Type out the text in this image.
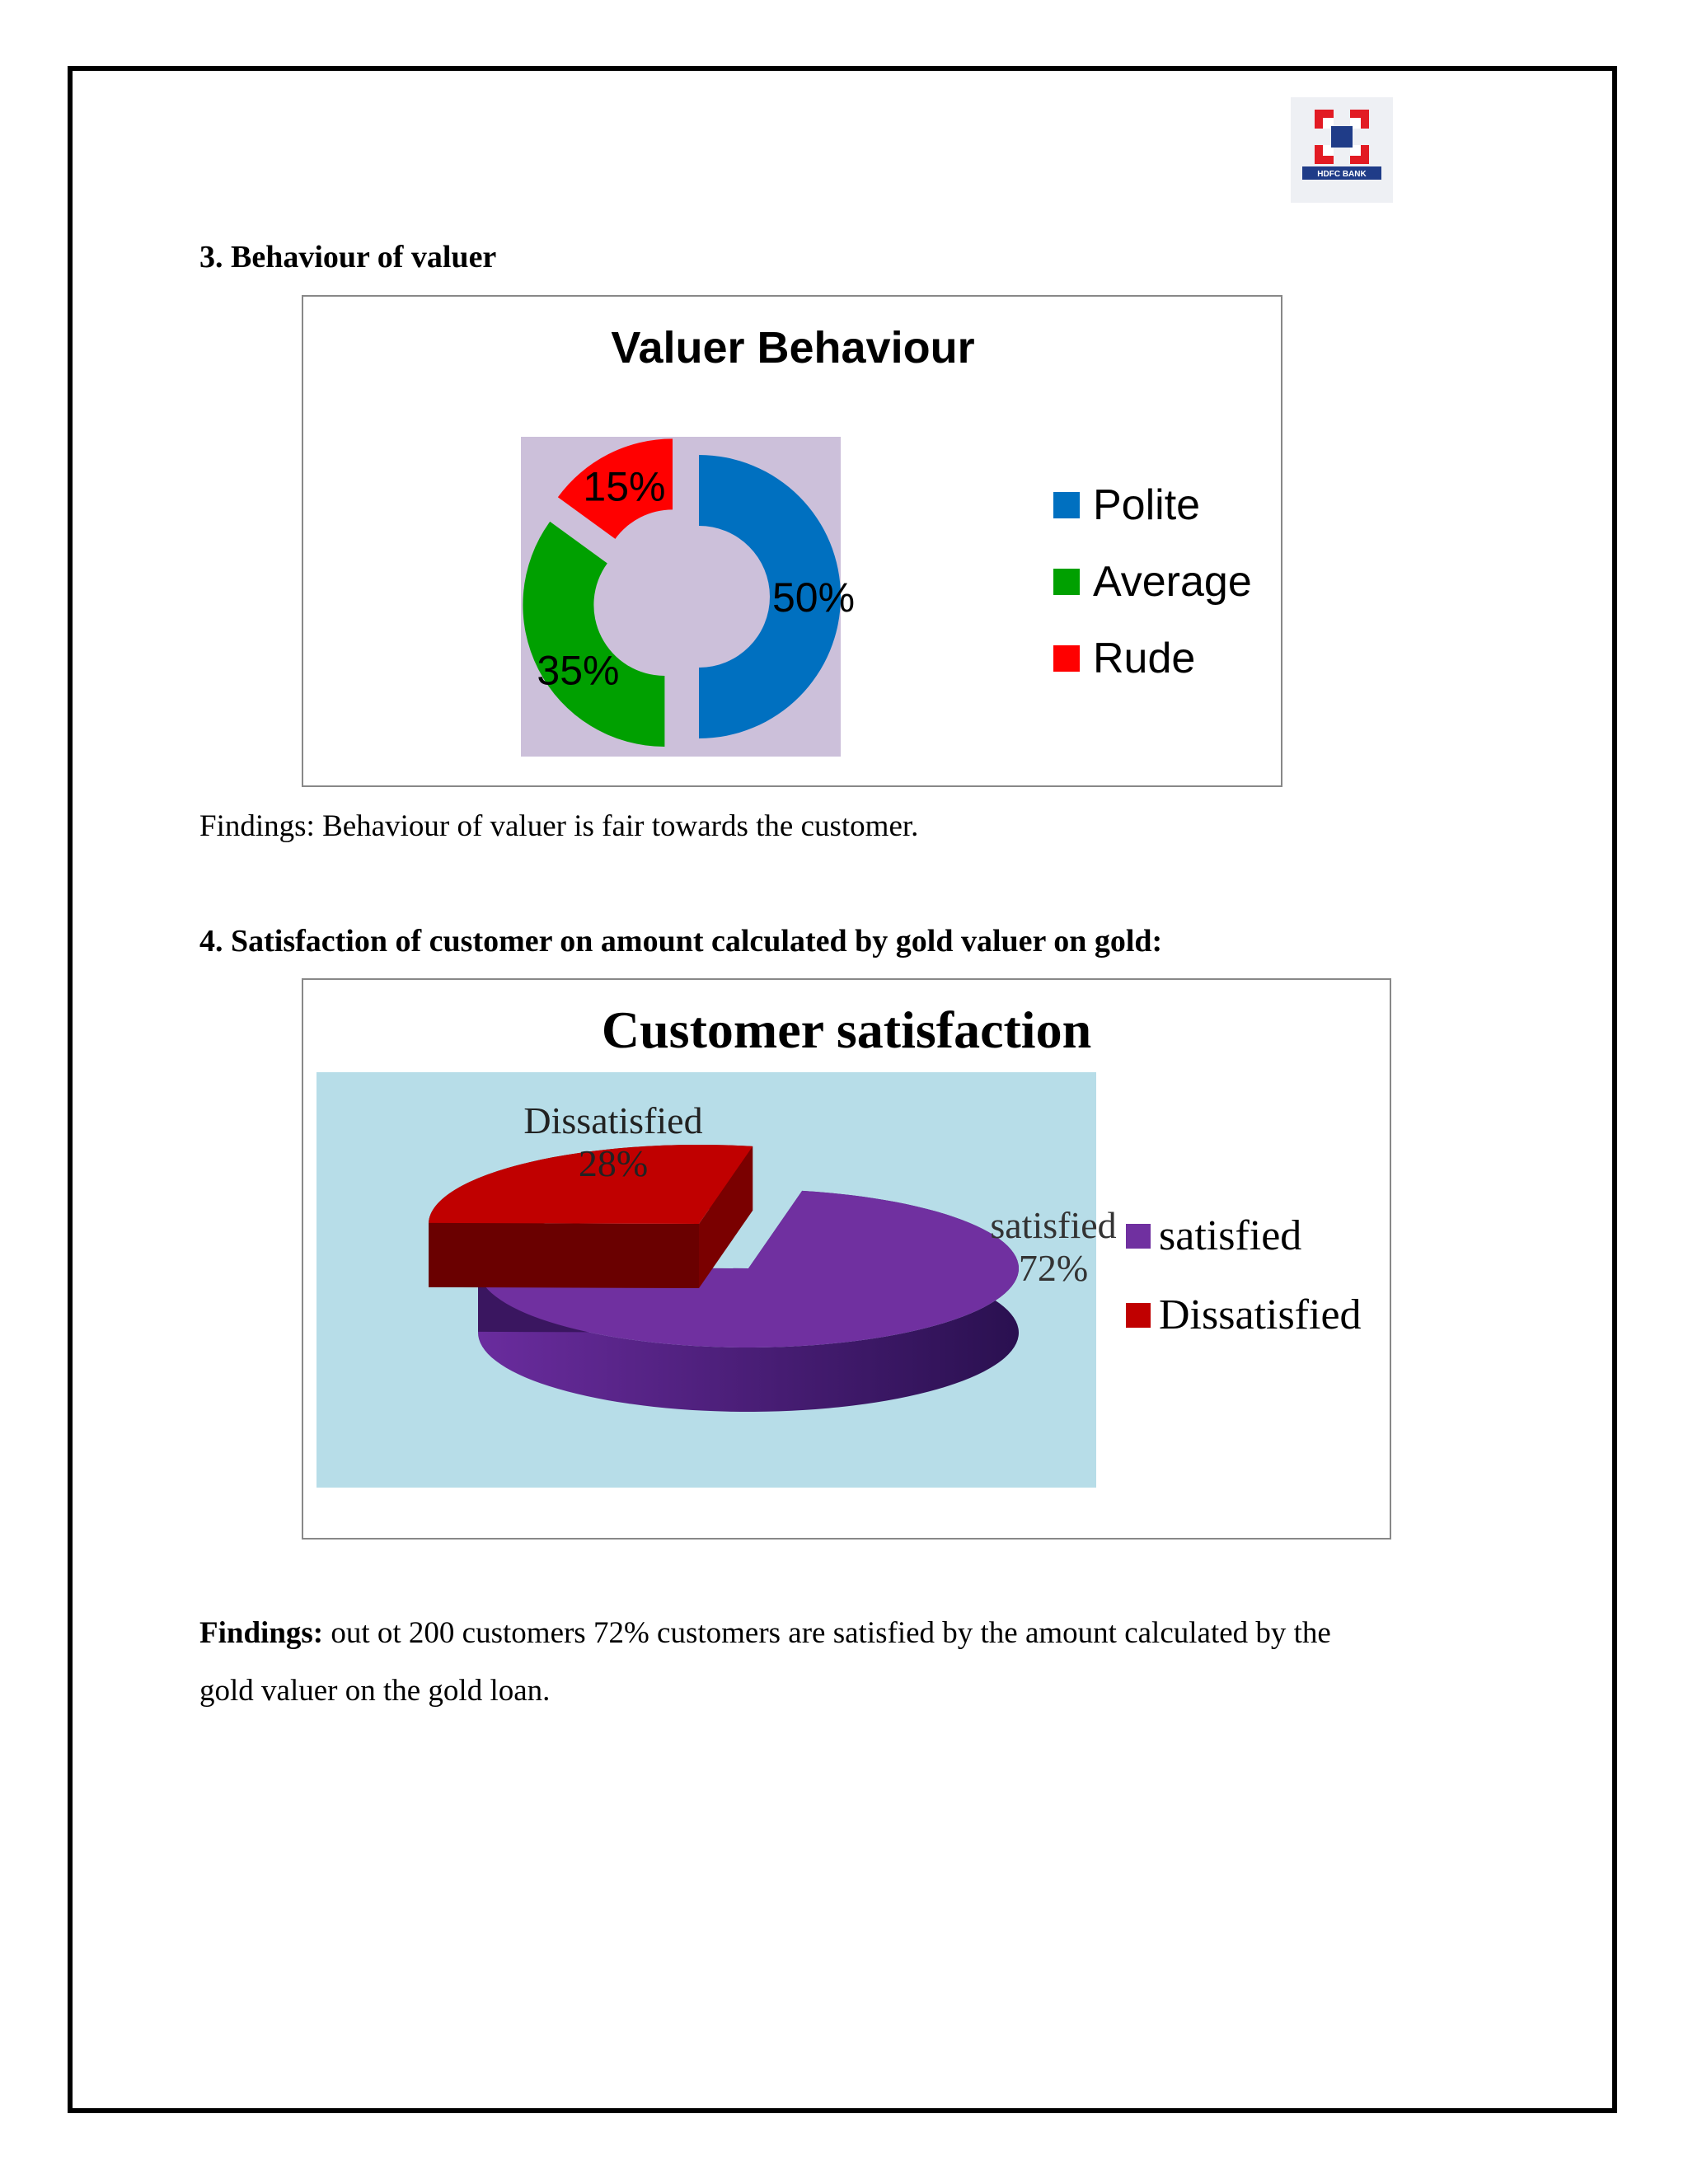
HDFC BANK
3. Behaviour of valuer
Valuer Behaviour
50%
35%
15%	Polite
Average
Rude
Findings: Behaviour of valuer is fair towards the customer.
4. Satisfaction of customer on amount calculated by gold valuer on gold:
Customer satisfaction
satisfied
72%
Dissatisfied
28%
satisfied
Dissatisfied
Findings: out ot 200 customers 72% customers are satisfied by the amount calculated by the
gold valuer on the gold loan.
